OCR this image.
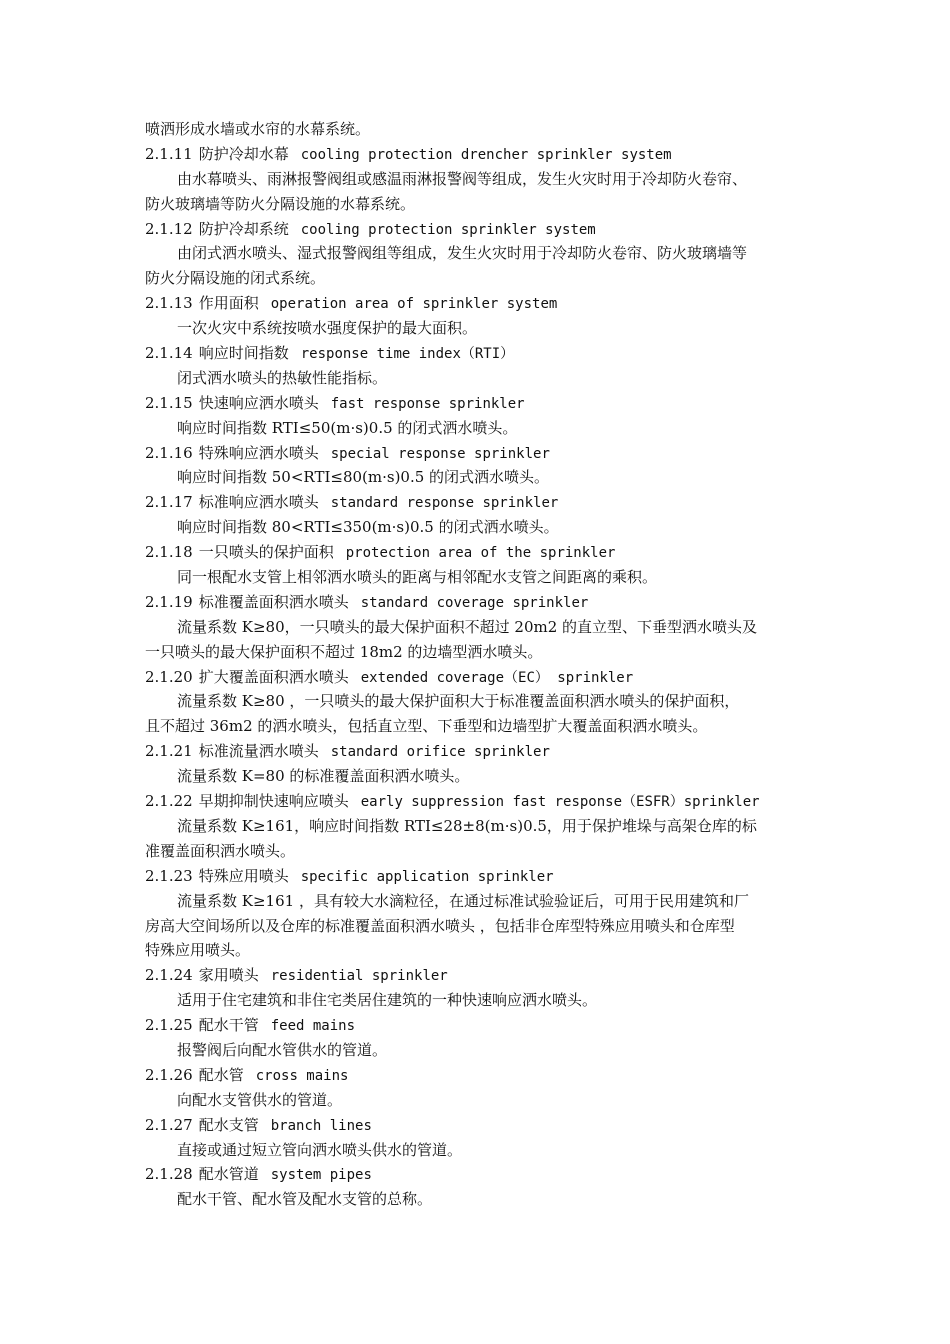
喷洒形成水墙或水帘的水幕系统。
2.1.11 防护冷却水幕 cooling protection drencher sprinkler system
由水幕喷头、雨淋报警阀组或感温雨淋报警阀等组成，发生火灾时用于冷却防火卷帘、
防火玻璃墙等防火分隔设施的水幕系统。
2.1.12 防护冷却系统 cooling protection sprinkler system
由闭式洒水喷头、湿式报警阀组等组成，发生火灾时用于冷却防火卷帘、防火玻璃墙等
防火分隔设施的闭式系统。
2.1.13 作用面积 operation area of sprinkler system
一次火灾中系统按喷水强度保护的最大面积。
2.1.14 响应时间指数 response time index（RTI）
闭式洒水喷头的热敏性能指标。
2.1.15 快速响应洒水喷头 fast response sprinkler
响应时间指数 RTI≤50(m·s)0.5 的闭式洒水喷头。
2.1.16 特殊响应洒水喷头 special response sprinkler
响应时间指数 50<RTI≤80(m·s)0.5 的闭式洒水喷头。
2.1.17 标准响应洒水喷头 standard response sprinkler
响应时间指数 80<RTI≤350(m·s)0.5 的闭式洒水喷头。
2.1.18 一只喷头的保护面积 protection area of the sprinkler
同一根配水支管上相邻洒水喷头的距离与相邻配水支管之间距离的乘积。
2.1.19 标准覆盖面积洒水喷头 standard coverage sprinkler
流量系数 K≥80，一只喷头的最大保护面积不超过 20m2 的直立型、下垂型洒水喷头及
一只喷头的最大保护面积不超过 18m2 的边墙型洒水喷头。
2.1.20 扩大覆盖面积洒水喷头 extended coverage（EC） sprinkler
流量系数 K≥80 ，一只喷头的最大保护面积大于标准覆盖面积洒水喷头的保护面积，
且不超过 36m2 的洒水喷头，包括直立型、下垂型和边墙型扩大覆盖面积洒水喷头。
2.1.21 标准流量洒水喷头 standard orifice sprinkler
流量系数 K=80 的标准覆盖面积洒水喷头。
2.1.22 早期抑制快速响应喷头 early suppression fast response（ESFR）sprinkler
流量系数 K≥161，响应时间指数 RTI≤28±8(m·s)0.5，用于保护堆垛与高架仓库的标
准覆盖面积洒水喷头。
2.1.23 特殊应用喷头 specific application sprinkler
流量系数 K≥161 ，具有较大水滴粒径，在通过标准试验验证后，可用于民用建筑和厂
房高大空间场所以及仓库的标准覆盖面积洒水喷头 ，包括非仓库型特殊应用喷头和仓库型
特殊应用喷头。
2.1.24 家用喷头 residential sprinkler
适用于住宅建筑和非住宅类居住建筑的一种快速响应洒水喷头。
2.1.25 配水干管 feed mains
报警阀后向配水管供水的管道。
2.1.26 配水管 cross mains
向配水支管供水的管道。
2.1.27 配水支管 branch lines
直接或通过短立管向洒水喷头供水的管道。
2.1.28 配水管道 system pipes
配水干管、配水管及配水支管的总称。
